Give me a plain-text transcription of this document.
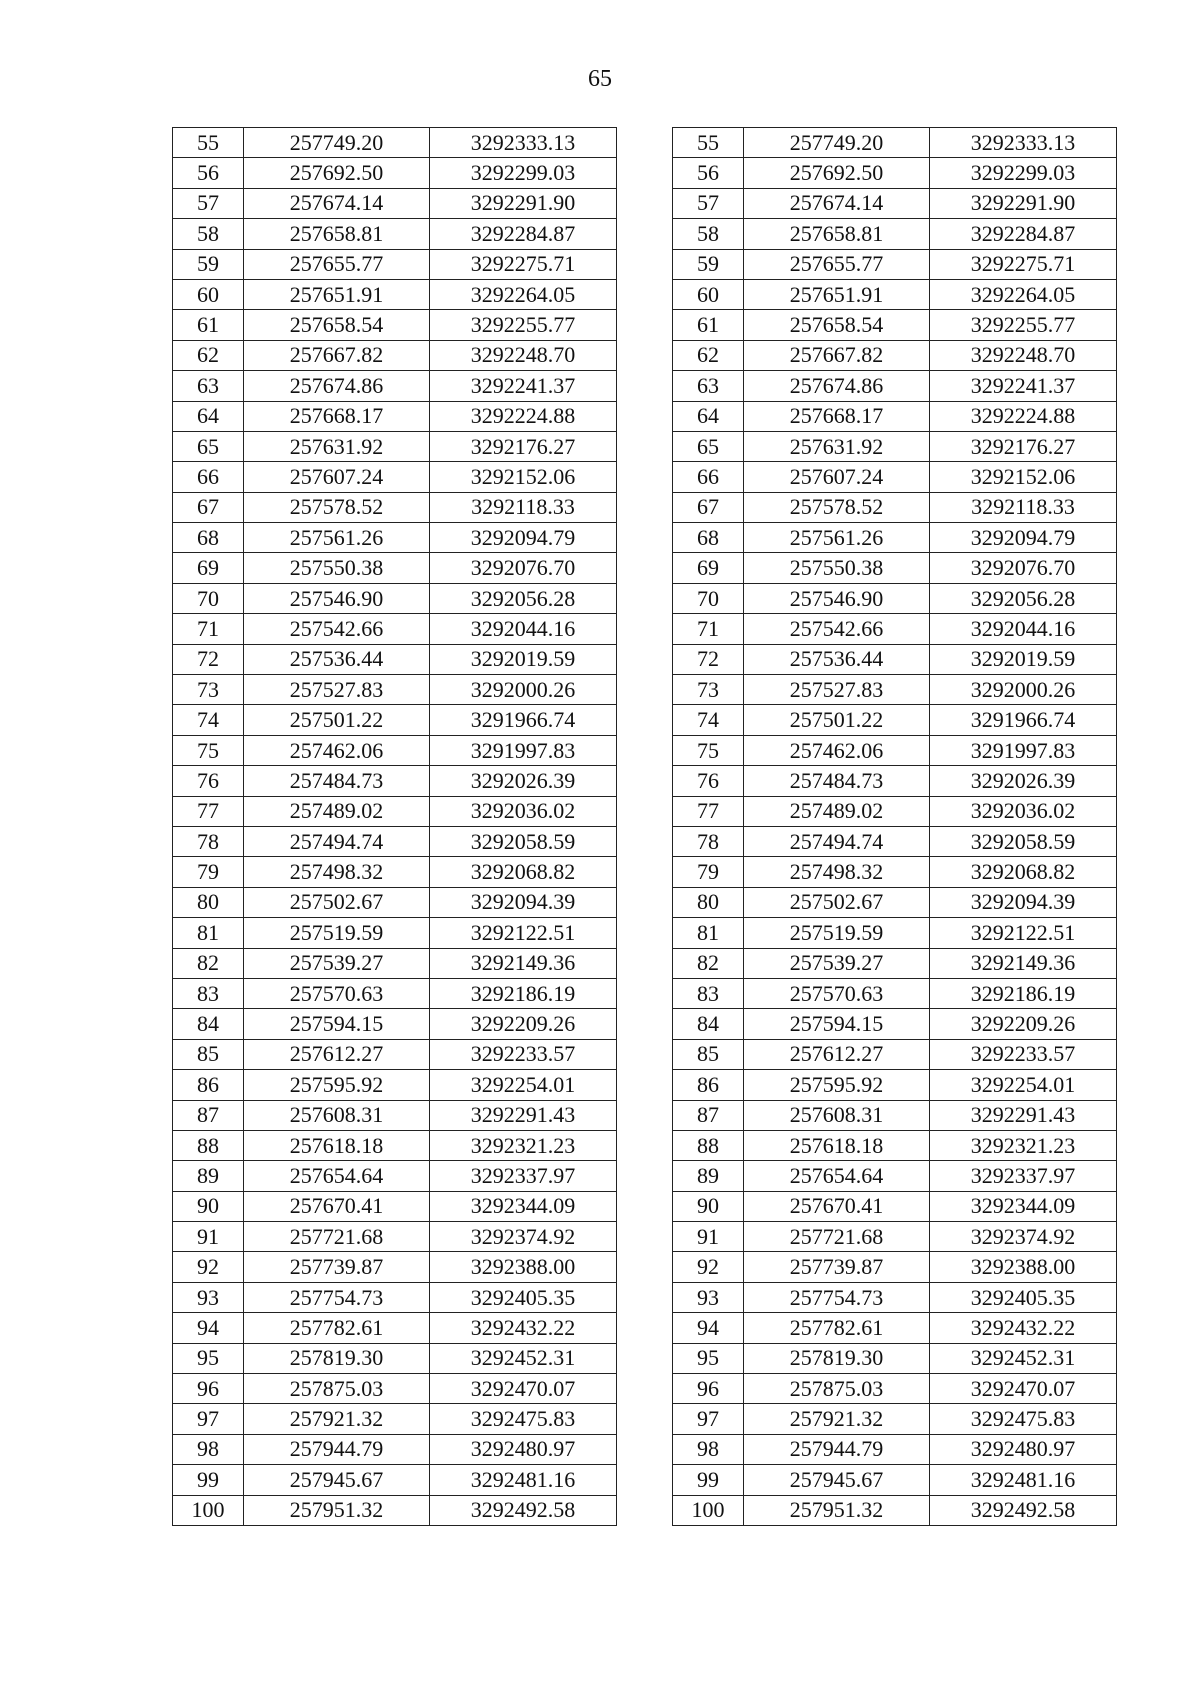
65
55	257749.20	3292333.13		55	257749.20	3292333.13
56	257692.50	3292299.03		56	257692.50	3292299.03
57	257674.14	3292291.90		57	257674.14	3292291.90
58	257658.81	3292284.87		58	257658.81	3292284.87
59	257655.77	3292275.71		59	257655.77	3292275.71
60	257651.91	3292264.05		60	257651.91	3292264.05
61	257658.54	3292255.77		61	257658.54	3292255.77
62	257667.82	3292248.70		62	257667.82	3292248.70
63	257674.86	3292241.37		63	257674.86	3292241.37
64	257668.17	3292224.88		64	257668.17	3292224.88
65	257631.92	3292176.27		65	257631.92	3292176.27
66	257607.24	3292152.06		66	257607.24	3292152.06
67	257578.52	3292118.33		67	257578.52	3292118.33
68	257561.26	3292094.79		68	257561.26	3292094.79
69	257550.38	3292076.70		69	257550.38	3292076.70
70	257546.90	3292056.28		70	257546.90	3292056.28
71	257542.66	3292044.16		71	257542.66	3292044.16
72	257536.44	3292019.59		72	257536.44	3292019.59
73	257527.83	3292000.26		73	257527.83	3292000.26
74	257501.22	3291966.74		74	257501.22	3291966.74
75	257462.06	3291997.83		75	257462.06	3291997.83
76	257484.73	3292026.39		76	257484.73	3292026.39
77	257489.02	3292036.02		77	257489.02	3292036.02
78	257494.74	3292058.59		78	257494.74	3292058.59
79	257498.32	3292068.82		79	257498.32	3292068.82
80	257502.67	3292094.39		80	257502.67	3292094.39
81	257519.59	3292122.51		81	257519.59	3292122.51
82	257539.27	3292149.36		82	257539.27	3292149.36
83	257570.63	3292186.19		83	257570.63	3292186.19
84	257594.15	3292209.26		84	257594.15	3292209.26
85	257612.27	3292233.57		85	257612.27	3292233.57
86	257595.92	3292254.01		86	257595.92	3292254.01
87	257608.31	3292291.43		87	257608.31	3292291.43
88	257618.18	3292321.23		88	257618.18	3292321.23
89	257654.64	3292337.97		89	257654.64	3292337.97
90	257670.41	3292344.09		90	257670.41	3292344.09
91	257721.68	3292374.92		91	257721.68	3292374.92
92	257739.87	3292388.00		92	257739.87	3292388.00
93	257754.73	3292405.35		93	257754.73	3292405.35
94	257782.61	3292432.22		94	257782.61	3292432.22
95	257819.30	3292452.31		95	257819.30	3292452.31
96	257875.03	3292470.07		96	257875.03	3292470.07
97	257921.32	3292475.83		97	257921.32	3292475.83
98	257944.79	3292480.97		98	257944.79	3292480.97
99	257945.67	3292481.16		99	257945.67	3292481.16
100	257951.32	3292492.58		100	257951.32	3292492.58
